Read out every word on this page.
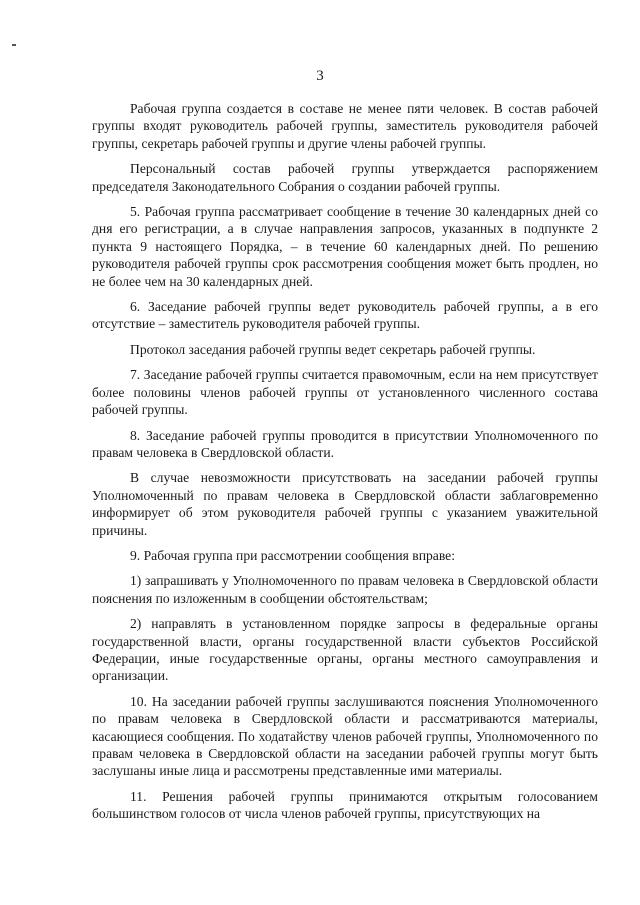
3

Рабочая группа создается в составе не менее пяти человек. В состав рабочей группы входят руководитель рабочей группы, заместитель руководителя рабочей группы, секретарь рабочей группы и другие члены рабочей группы.

Персональный состав рабочей группы утверждается распоряжением председателя Законодательного Собрания о создании рабочей группы.

5. Рабочая группа рассматривает сообщение в течение 30 календарных дней со дня его регистрации, а в случае направления запросов, указанных в подпункте 2 пункта 9 настоящего Порядка, – в течение 60 календарных дней. По решению руководителя рабочей группы срок рассмотрения сообщения может быть продлен, но не более чем на 30 календарных дней.

6. Заседание рабочей группы ведет руководитель рабочей группы, а в его отсутствие – заместитель руководителя рабочей группы.

Протокол заседания рабочей группы ведет секретарь рабочей группы.

7. Заседание рабочей группы считается правомочным, если на нем присутствует более половины членов рабочей группы от установленного численного состава рабочей группы.

8. Заседание рабочей группы проводится в присутствии Уполномоченного по правам человека в Свердловской области.

В случае невозможности присутствовать на заседании рабочей группы Уполномоченный по правам человека в Свердловской области заблаговременно информирует об этом руководителя рабочей группы с указанием уважительной причины.

9. Рабочая группа при рассмотрении сообщения вправе:

1) запрашивать у Уполномоченного по правам человека в Свердловской области пояснения по изложенным в сообщении обстоятельствам;

2) направлять в установленном порядке запросы в федеральные органы государственной власти, органы государственной власти субъектов Российской Федерации, иные государственные органы, органы местного самоуправления и организации.

10. На заседании рабочей группы заслушиваются пояснения Уполномоченного по правам человека в Свердловской области и рассматриваются материалы, касающиеся сообщения. По ходатайству членов рабочей группы, Уполномоченного по правам человека в Свердловской области на заседании рабочей группы могут быть заслушаны иные лица и рассмотрены представленные ими материалы.

11. Решения рабочей группы принимаются открытым голосованием большинством голосов от числа членов рабочей группы, присутствующих на
